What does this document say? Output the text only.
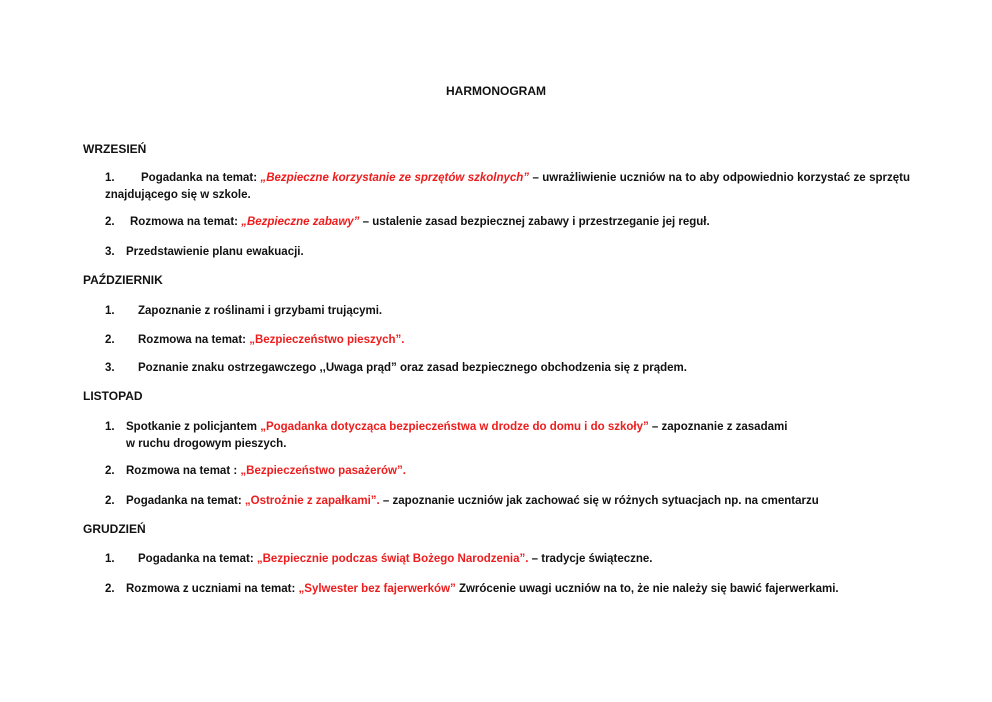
HARMONOGRAM
WRZESIEŃ
1. Pogadanka na temat: „Bezpieczne korzystanie ze sprzętów szkolnych” – uwrażliwienie uczniów na to aby odpowiednio korzystać ze sprzętu znajdującego się w szkole.
2. Rozmowa na temat: „Bezpieczne zabawy” – ustalenie zasad bezpiecznej zabawy i przestrzeganie jej reguł.
3. Przedstawienie planu ewakuacji.
PAŹDZIERNIK
1. Zapoznanie z roślinami i grzybami trującymi.
2. Rozmowa na temat: „Bezpieczeństwo pieszych”.
3. Poznanie znaku ostrzegawczego ,,Uwaga prąd” oraz zasad bezpiecznego obchodzenia się z prądem.
LISTOPAD
1. Spotkanie z policjantem „Pogadanka dotycząca bezpieczeństwa w drodze do domu i do szkoły” – zapoznanie z zasadami
w ruchu drogowym pieszych.
2. Rozmowa na temat : „Bezpieczeństwo pasażerów”.
2. Pogadanka na temat: „Ostrożnie z zapałkami”. – zapoznanie uczniów jak zachować się w różnych sytuacjach np. na cmentarzu
GRUDZIEŃ
1. Pogadanka na temat: „Bezpiecznie podczas świąt Bożego Narodzenia”. – tradycje świąteczne.
2. Rozmowa z uczniami na temat: „Sylwester bez fajerwerków” Zwrócenie uwagi uczniów na to, że nie należy się bawić fajerwerkami.
